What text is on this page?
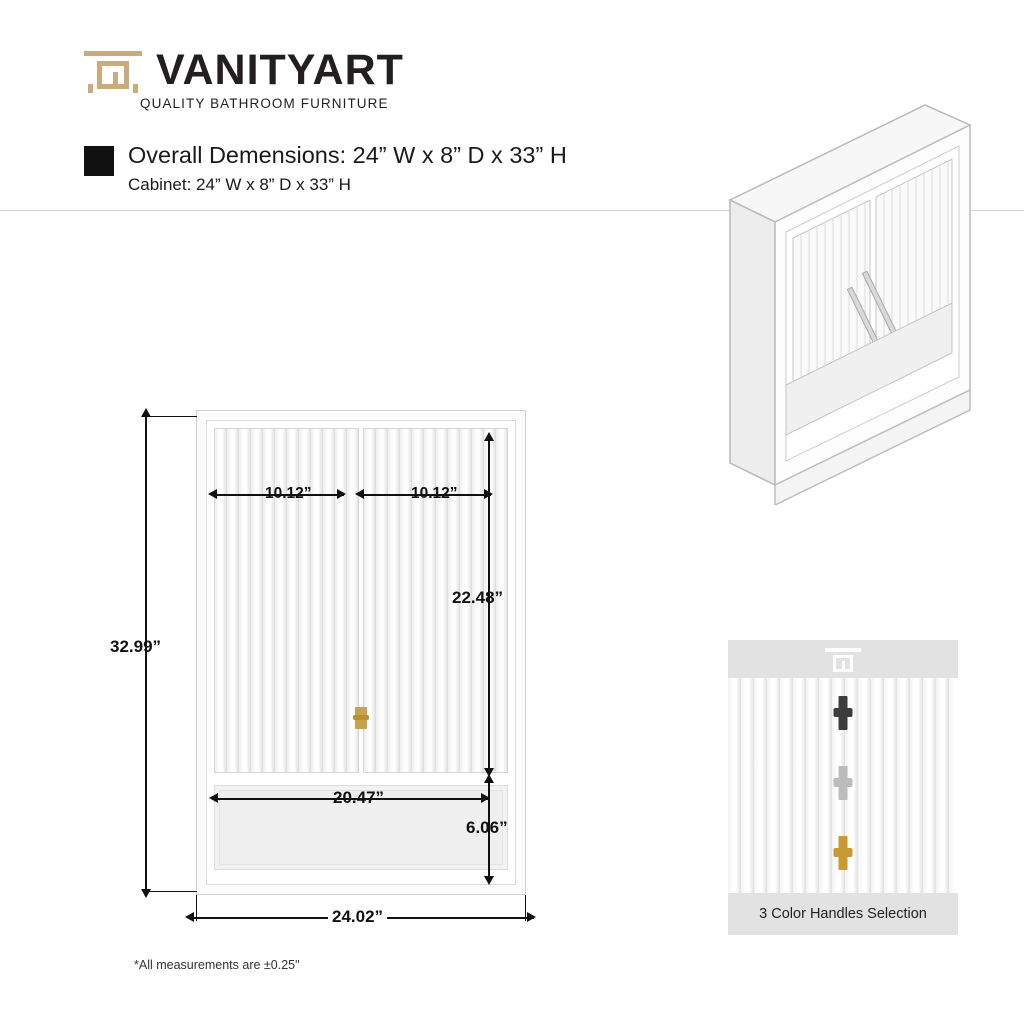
VANITYART
QUALITY BATHROOM FURNITURE
Overall Demensions: 24” W x 8” D x 33” H
Cabinet: 24” W x 8” D x 33” H
10.12”	10.12”
22.48”
32.99”
20.47”
6.06”
24.02”
*All measurements are ±0.25"
3 Color Handles Selection
